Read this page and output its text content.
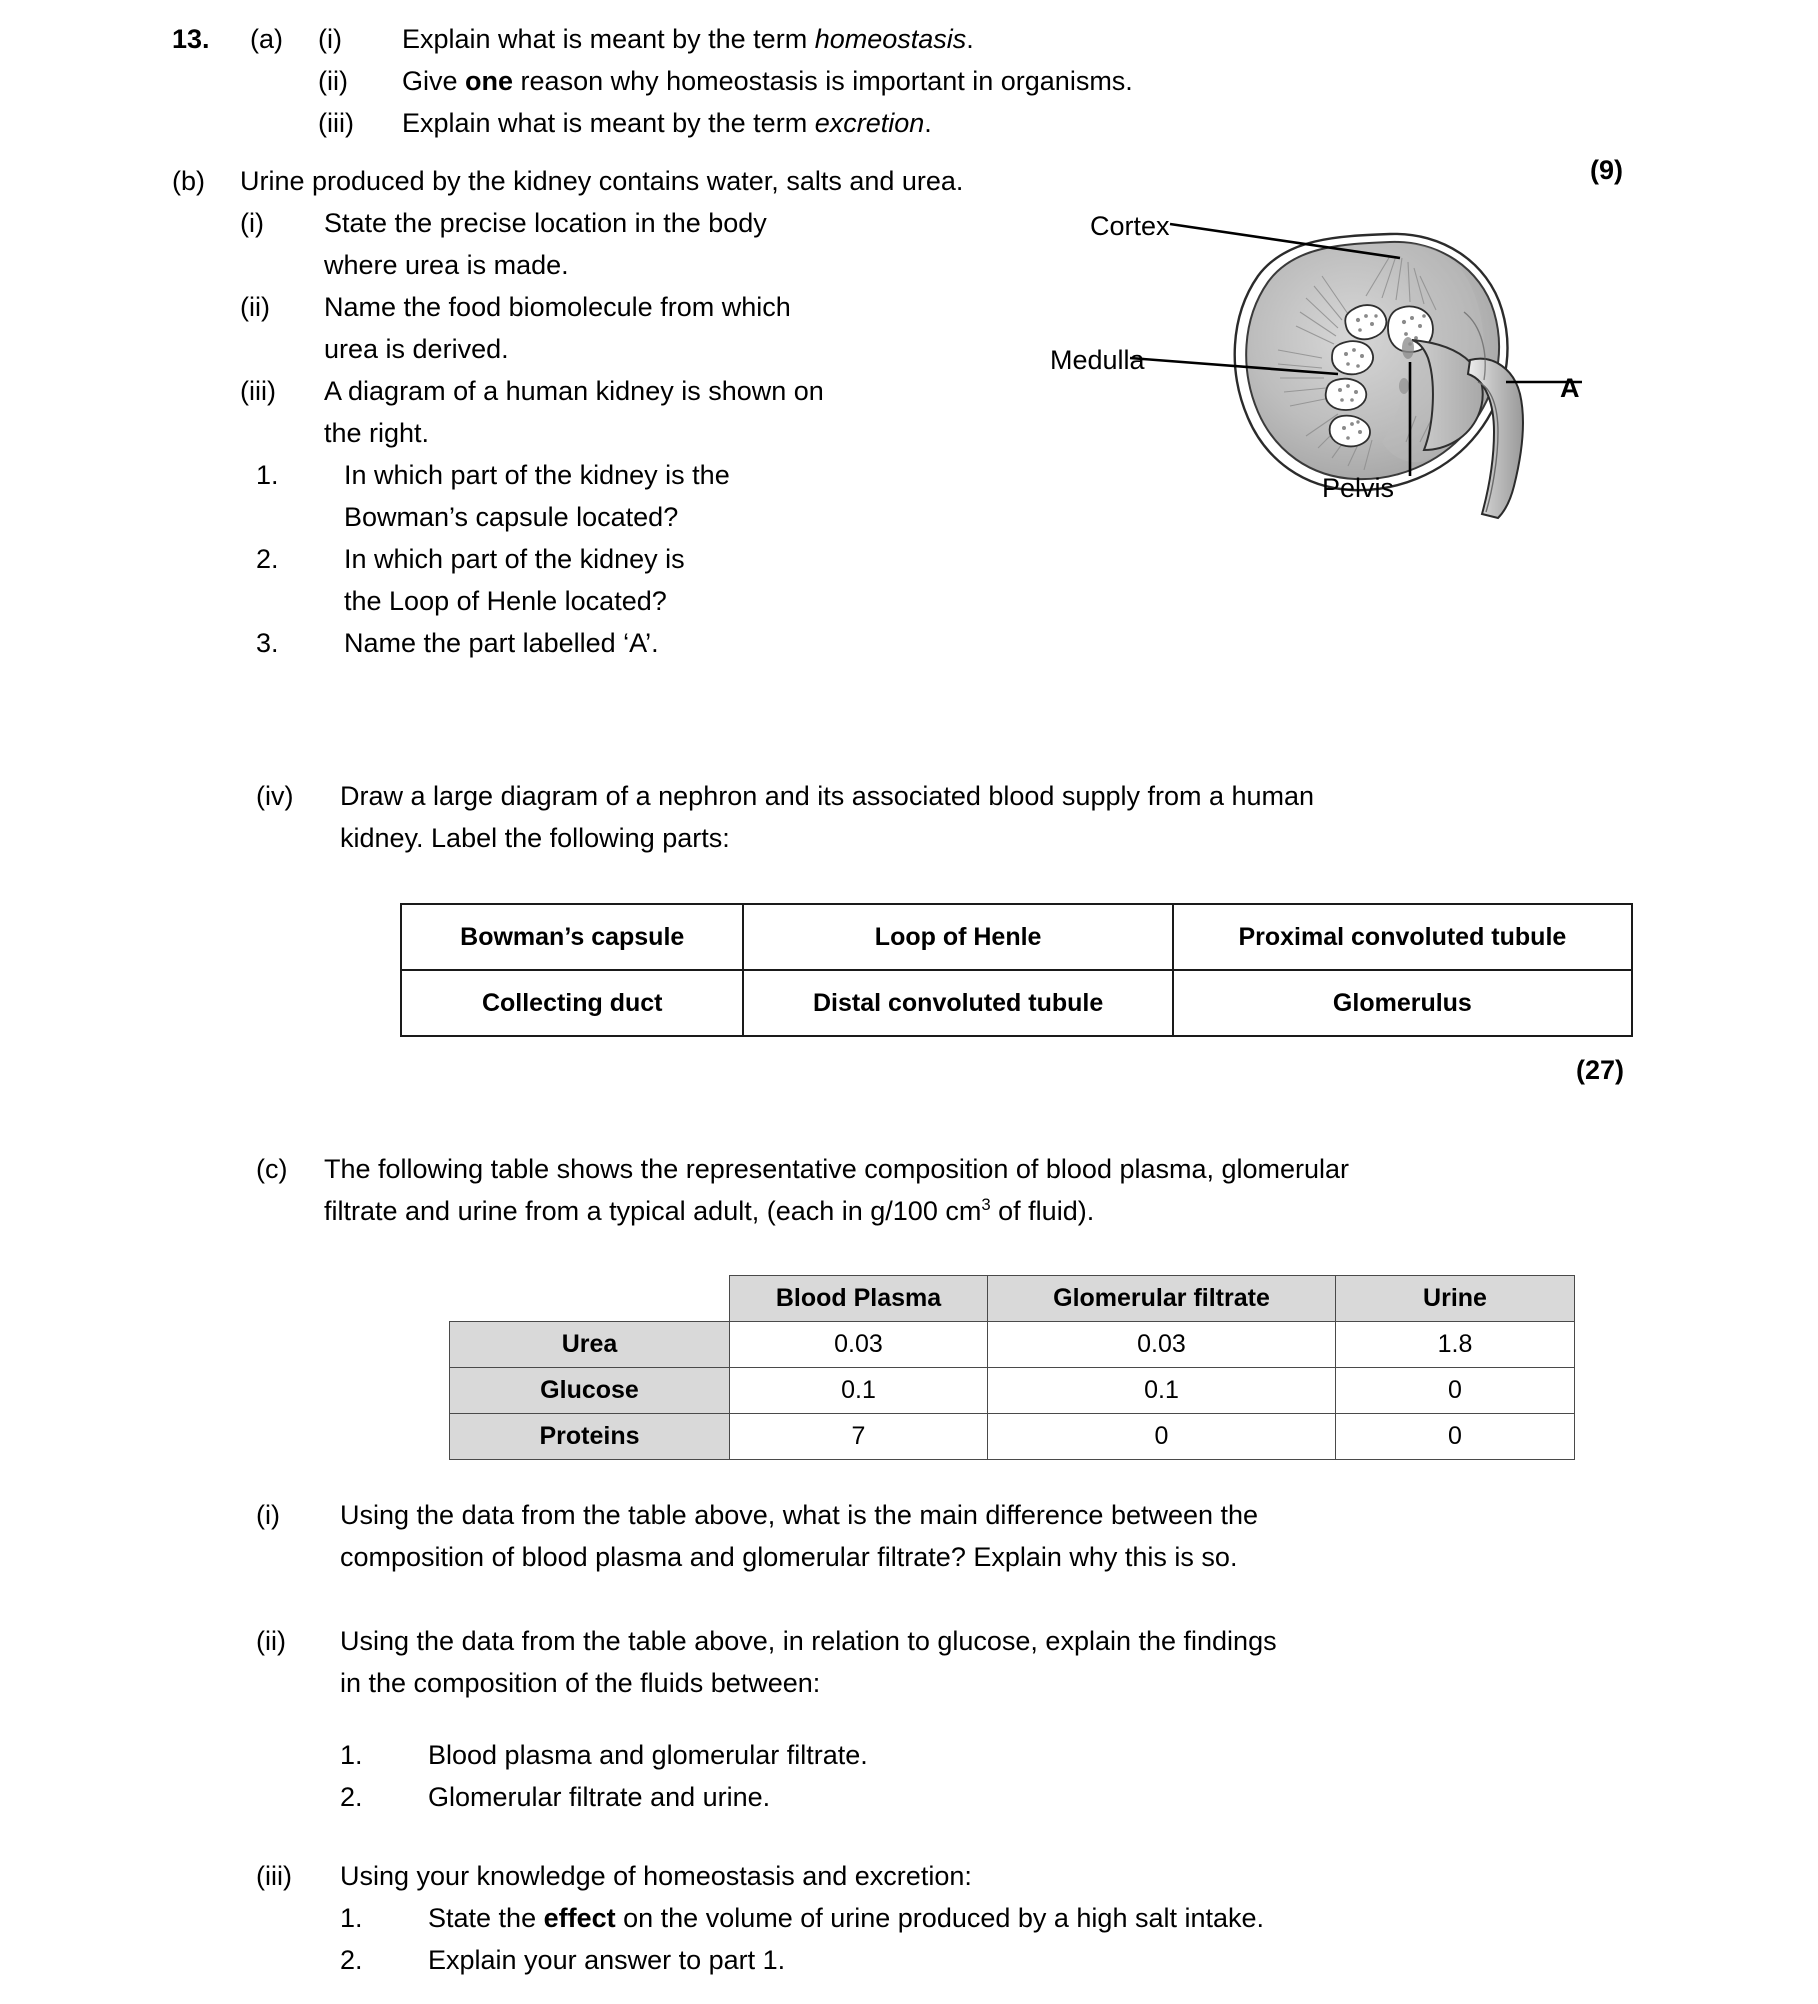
13.	(a)	(i)	Explain what is meant by the term homeostasis.
(ii)	Give one reason why homeostasis is important in organisms.
(iii)	Explain what is meant by the term excretion.
(9)
(b)	Urine produced by the kidney contains water, salts and urea.
(i)	State the precise location in the body
where urea is made.
(ii)	Name the food biomolecule from which
urea is derived.
(iii)	A diagram of a human kidney is shown on
the right.
1.	In which part of the kidney is the
Bowman’s capsule located?
2.	In which part of the kidney is
the Loop of Henle located?
3.	Name the part labelled ‘A’.
Cortex
Medulla
Pelvis
A
(iv)	Draw a large diagram of a nephron and its associated blood supply from a human
kidney. Label the following parts:
Bowman’s capsule	Loop of Henle	Proximal convoluted tubule
Collecting duct	Distal convoluted tubule	Glomerulus
(27)
(c)	The following table shows the representative composition of blood plasma, glomerular
filtrate and urine from a typical adult, (each in g/100 $cm^3$ of fluid).
	Blood Plasma	Glomerular filtrate	Urine
Urea	0.03	0.03	1.8
Glucose	0.1	0.1	0
Proteins	7	0	0
(i)	Using the data from the table above, what is the main difference between the
composition of blood plasma and glomerular filtrate? Explain why this is so.
(ii)	Using the data from the table above, in relation to glucose, explain the findings
in the composition of the fluids between:
1.	Blood plasma and glomerular filtrate.
2.	Glomerular filtrate and urine.
(iii)	Using your knowledge of homeostasis and excretion:
1.	State the effect on the volume of urine produced by a high salt intake.
2.	Explain your answer to part 1.
